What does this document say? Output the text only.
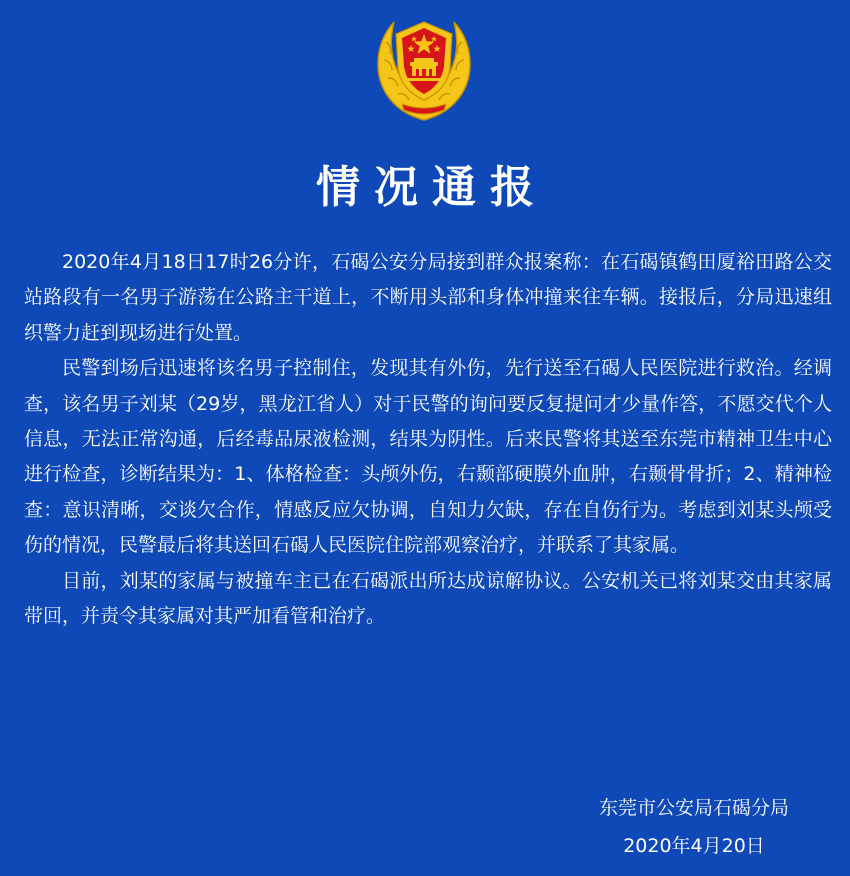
情况通报

2020年4月18日17时26分许，石碣公安分局接到群众报案称：在石碣镇鹤田厦裕田路公交站路段有一名男子游荡在公路主干道上，不断用头部和身体冲撞来往车辆。接报后，分局迅速组织警力赶到现场进行处置。

民警到场后迅速将该名男子控制住，发现其有外伤，先行送至石碣人民医院进行救治。经调查，该名男子刘某（29岁，黑龙江省人）对于民警的询问要反复提问才少量作答，不愿交代个人信息，无法正常沟通，后经毒品尿液检测，结果为阴性。后来民警将其送至东莞市精神卫生中心进行检查，诊断结果为：1、体格检查：头颅外伤，右颞部硬膜外血肿，右颞骨骨折；2、精神检查：意识清晰，交谈欠合作，情感反应欠协调，自知力欠缺，存在自伤行为。考虑到刘某头颅受伤的情况，民警最后将其送回石碣人民医院住院部观察治疗，并联系了其家属。

目前，刘某的家属与被撞车主已在石碣派出所达成谅解协议。公安机关已将刘某交由其家属带回，并责令其家属对其严加看管和治疗。

东莞市公安局石碣分局
2020年4月20日
